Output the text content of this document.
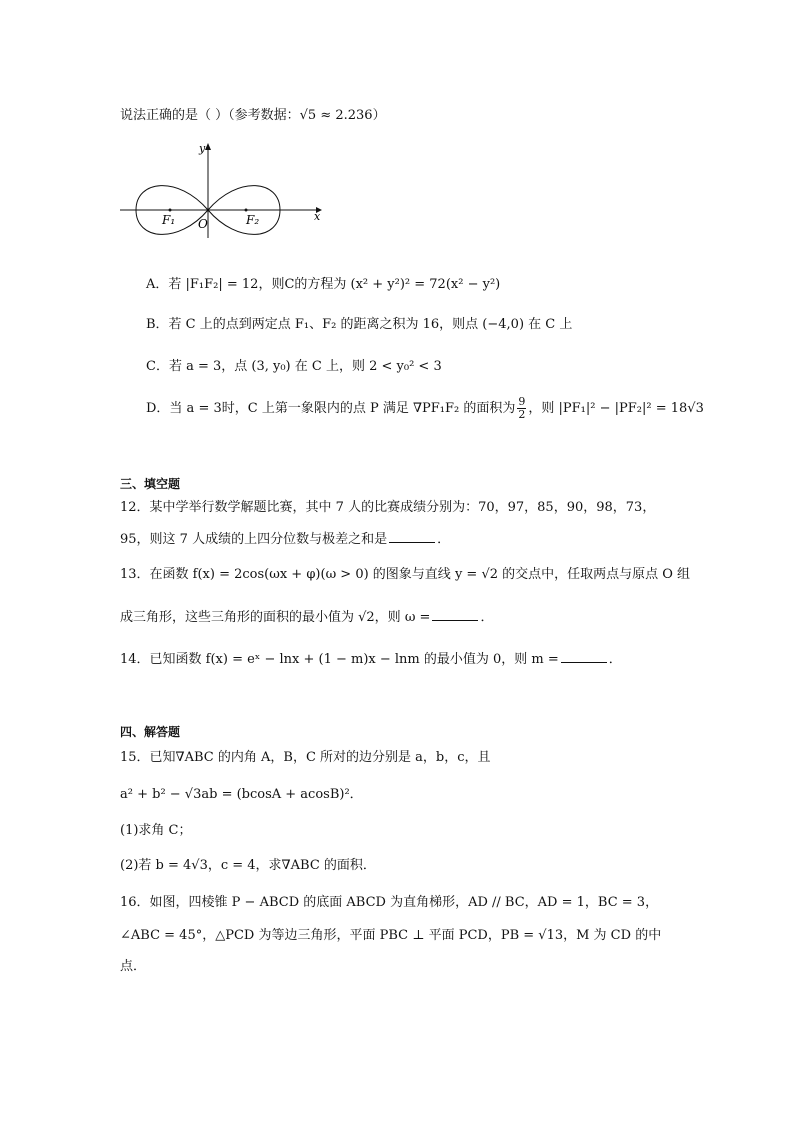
说法正确的是（ ）（参考数据：√5 ≈ 2.236）
x
y
O
F₁	F₂
A．若 |F₁F₂| = 12，则C的方程为 (x² + y²)² = 72(x² − y²)
B．若 C 上的点到两定点 F₁、F₂ 的距离之积为 16，则点 (−4,0) 在 C 上
C．若 a = 3，点 (3, y₀) 在 C 上，则 2 < y₀² < 3
D．当 a = 3时，C 上第一象限内的点 P 满足 ∇PF₁F₂ 的面积为 $\frac{9}{2}$ ，则 |PF₁|² − |PF₂|² = 18√3
三、填空题
12．某中学举行数学解题比赛，其中 7 人的比赛成绩分别为：70，97，85，90，98，73，
95，则这 7 人成绩的上四分位数与极差之和是	．
13．在函数 f(x) = 2cos(ωx + φ)(ω > 0) 的图象与直线 y = √2 的交点中，任取两点与原点 O 组
成三角形，这些三角形的面积的最小值为 √2，则 ω =	．
14．已知函数 f(x) = eˣ − lnx + (1 − m)x − lnm 的最小值为 0，则 m =	．
四、解答题
15．已知∇ABC 的内角 A，B，C 所对的边分别是 a，b，c，且
a² + b² − √3ab = (bcosA + acosB)²．
(1)求角 C；
(2)若 b = 4√3，c = 4，求∇ABC 的面积．
16．如图，四棱锥 P − ABCD 的底面 ABCD 为直角梯形，AD // BC，AD = 1，BC = 3，
∠ABC = 45°，△PCD 为等边三角形，平面 PBC ⊥ 平面 PCD，PB = √13，M 为 CD 的中
点．
